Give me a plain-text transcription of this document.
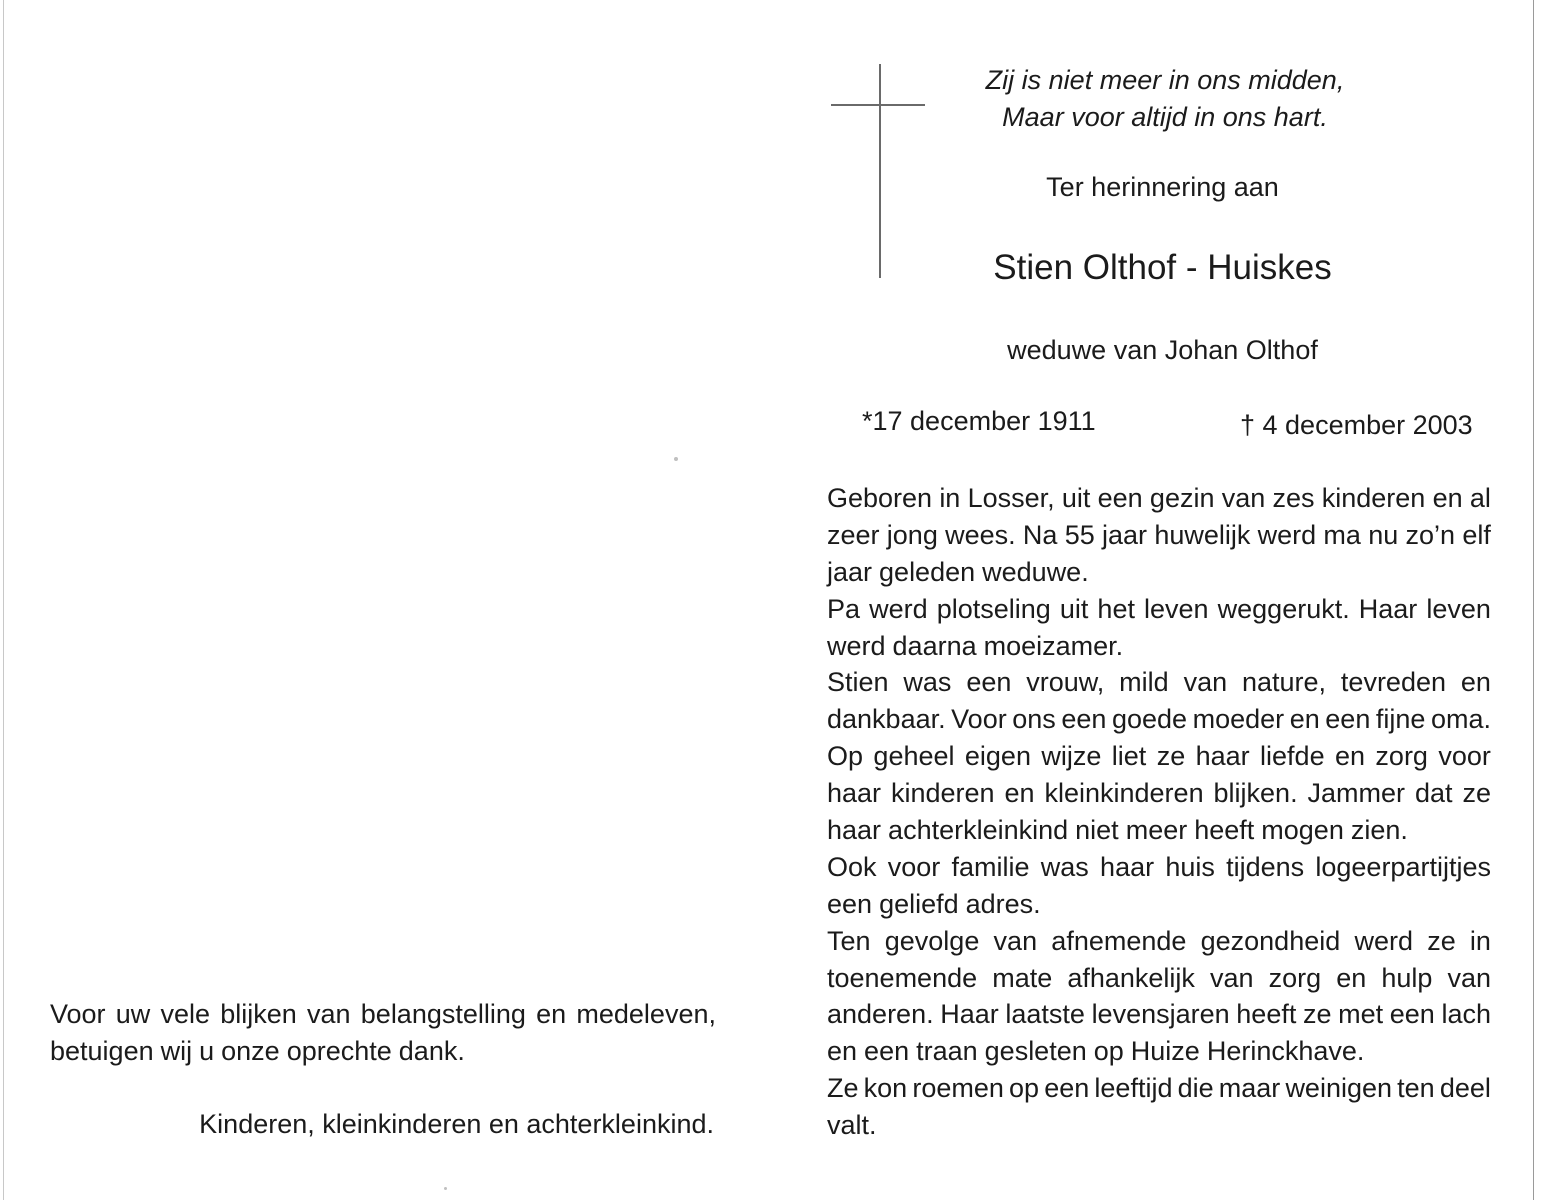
Zij is niet meer in ons midden,
Maar voor altijd in ons hart.
Ter herinnering aan
Stien Olthof - Huiskes
weduwe van Johan Olthof
*17 december 1911	† 4 december 2003
Geboren in Losser, uit een gezin van zes kinderen en al
zeer jong wees. Na 55 jaar huwelijk werd ma nu zo’n elf
jaar geleden weduwe.
Pa werd plotseling uit het leven weggerukt. Haar leven
werd daarna moeizamer.
Stien was een vrouw, mild van nature, tevreden en
dankbaar. Voor ons een goede moeder en een fijne oma.
Op geheel eigen wijze liet ze haar liefde en zorg voor
haar kinderen en kleinkinderen blijken. Jammer dat ze
haar achterkleinkind niet meer heeft mogen zien.
Ook voor familie was haar huis tijdens logeerpartijtjes
een geliefd adres.
Ten gevolge van afnemende gezondheid werd ze in
toenemende mate afhankelijk van zorg en hulp van
anderen. Haar laatste levensjaren heeft ze met een lach
en een traan gesleten op Huize Herinckhave.
Ze kon roemen op een leeftijd die maar weinigen ten deel
valt.
Voor uw vele blijken van belangstelling en medeleven,
betuigen wij u onze oprechte dank.
Kinderen, kleinkinderen en achterkleinkind.
